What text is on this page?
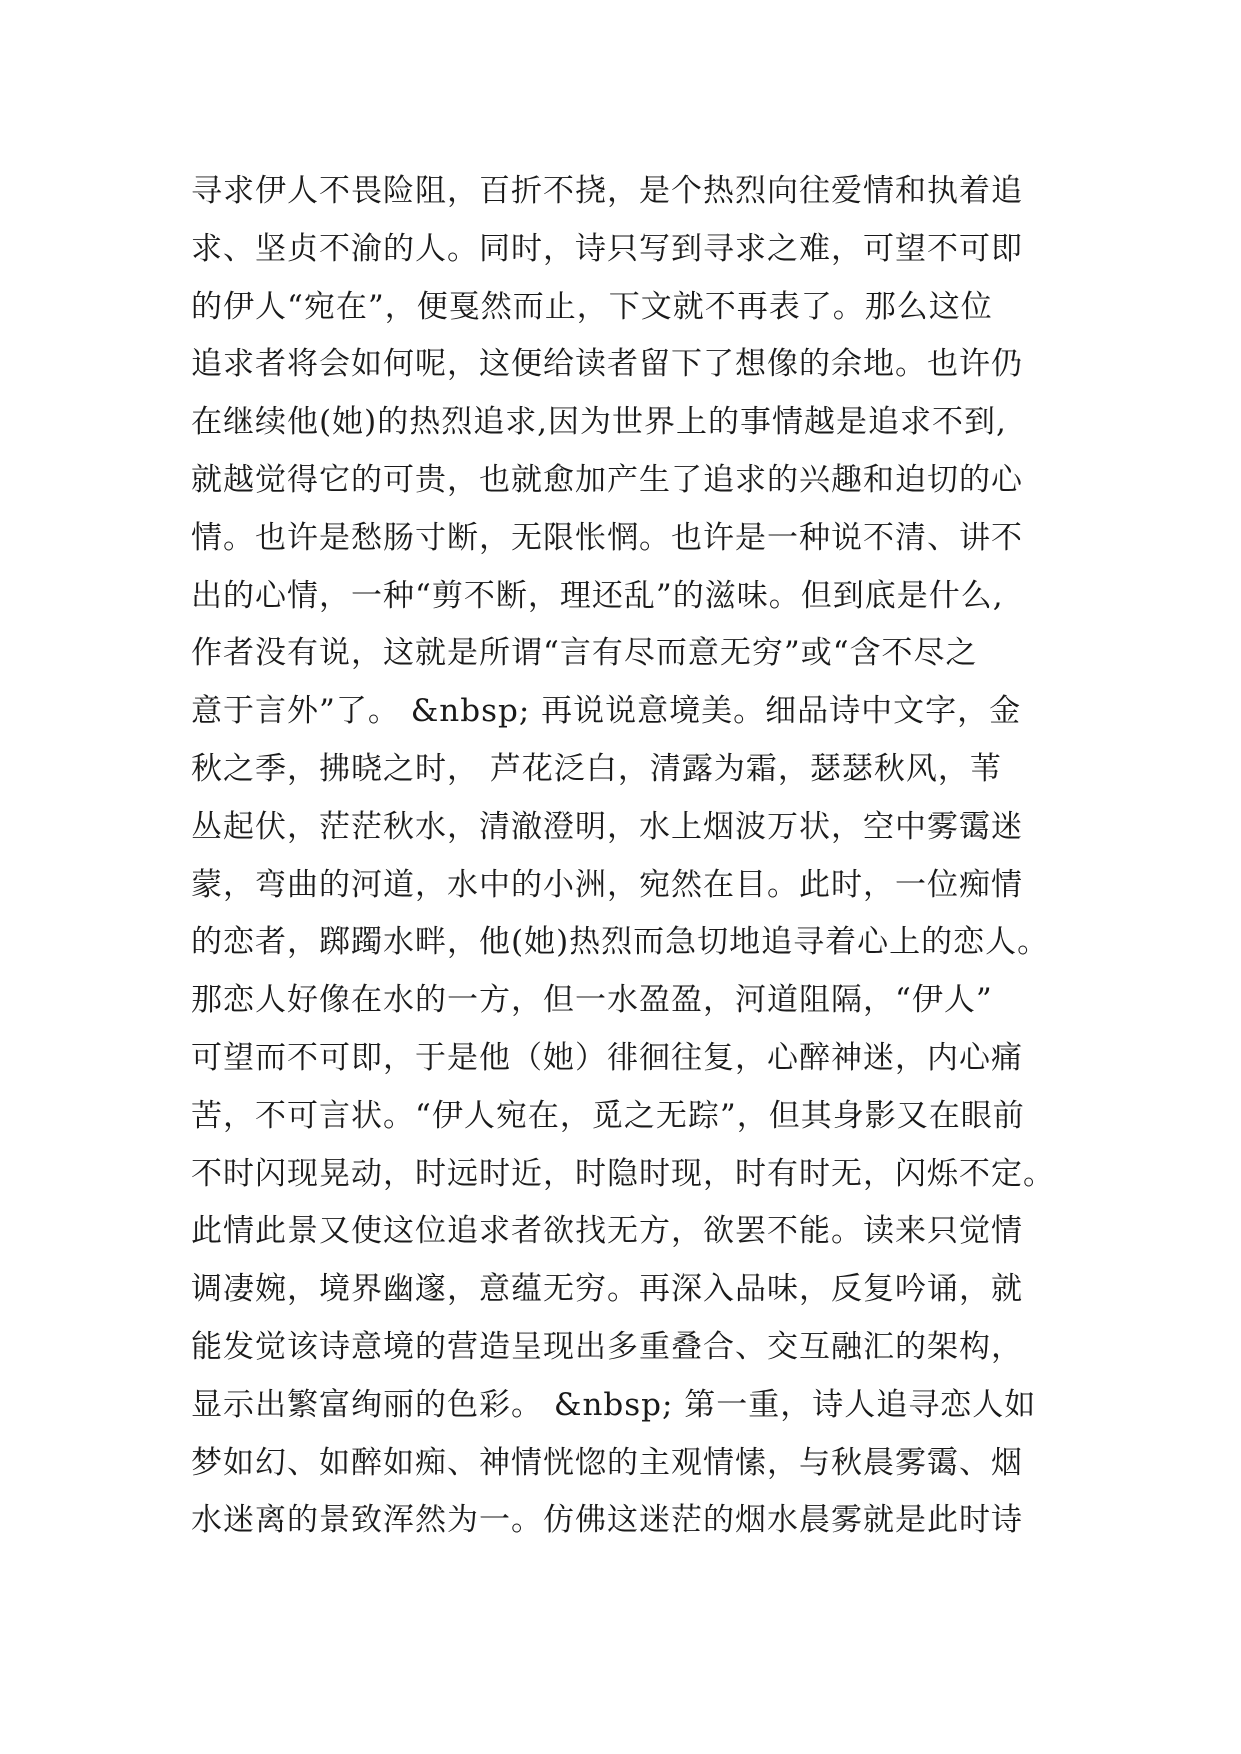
寻求伊人不畏险阻，百折不挠，是个热烈向往爱情和执着追
求、坚贞不渝的人。同时，诗只写到寻求之难，可望不可即
的伊人“宛在”，便戛然而止，下文就不再表了。那么这位
追求者将会如何呢，这便给读者留下了想像的余地。也许仍
在继续他(她)的热烈追求,因为世界上的事情越是追求不到,
就越觉得它的可贵，也就愈加产生了追求的兴趣和迫切的心
情。也许是愁肠寸断，无限怅惘。也许是一种说不清、讲不
出的心情，一种“剪不断，理还乱”的滋味。但到底是什么,
作者没有说，这就是所谓“言有尽而意无穷”或“含不尽之
意于言外”了。 &nbsp; 再说说意境美。细品诗中文字，金
秋之季，拂晓之时， 芦花泛白，清露为霜，瑟瑟秋风，苇
丛起伏，茫茫秋水，清澈澄明，水上烟波万状，空中雾霭迷
蒙，弯曲的河道，水中的小洲，宛然在目。此时，一位痴情
的恋者，踯躅水畔，他(她)热烈而急切地追寻着心上的恋人。
那恋人好像在水的一方，但一水盈盈，河道阻隔，“伊人”
可望而不可即，于是他（她）徘徊往复，心醉神迷，内心痛
苦，不可言状。“伊人宛在，觅之无踪”，但其身影又在眼前
不时闪现晃动，时远时近，时隐时现，时有时无，闪烁不定。
此情此景又使这位追求者欲找无方，欲罢不能。读来只觉情
调凄婉，境界幽邃，意蕴无穷。再深入品味，反复吟诵，就
能发觉该诗意境的营造呈现出多重叠合、交互融汇的架构，
显示出繁富绚丽的色彩。 &nbsp; 第一重，诗人追寻恋人如
梦如幻、如醉如痴、神情恍惚的主观情愫，与秋晨雾霭、烟
水迷离的景致浑然为一。仿佛这迷茫的烟水晨雾就是此时诗
